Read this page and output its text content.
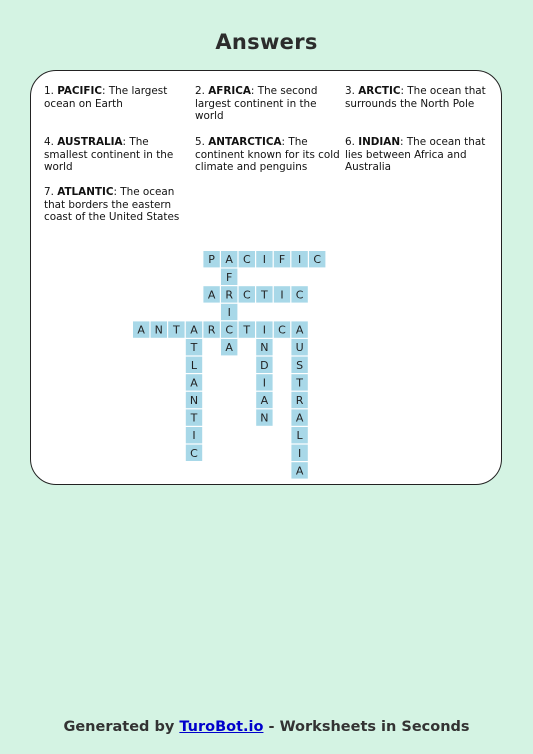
Answers
1. PACIFIC: The largest ocean on Earth
2. AFRICA: The second largest continent in the world
3. ARCTIC: The ocean that surrounds the North Pole
4. AUSTRALIA: The smallest continent in the world
5. ANTARCTICA: The continent known for its cold climate and penguins
6. INDIAN: The ocean that lies between Africa and Australia
7. ATLANTIC: The ocean that borders the eastern coast of the United States
P A C I F I C
F
R
I
C
A
A	C T I C
A N T A R	T I C A
T
L
A
N
T
I
C
N
D
I
A
N
U
S
T
R
A
L
I
A
Generated by TuroBot.io - Worksheets in Seconds
